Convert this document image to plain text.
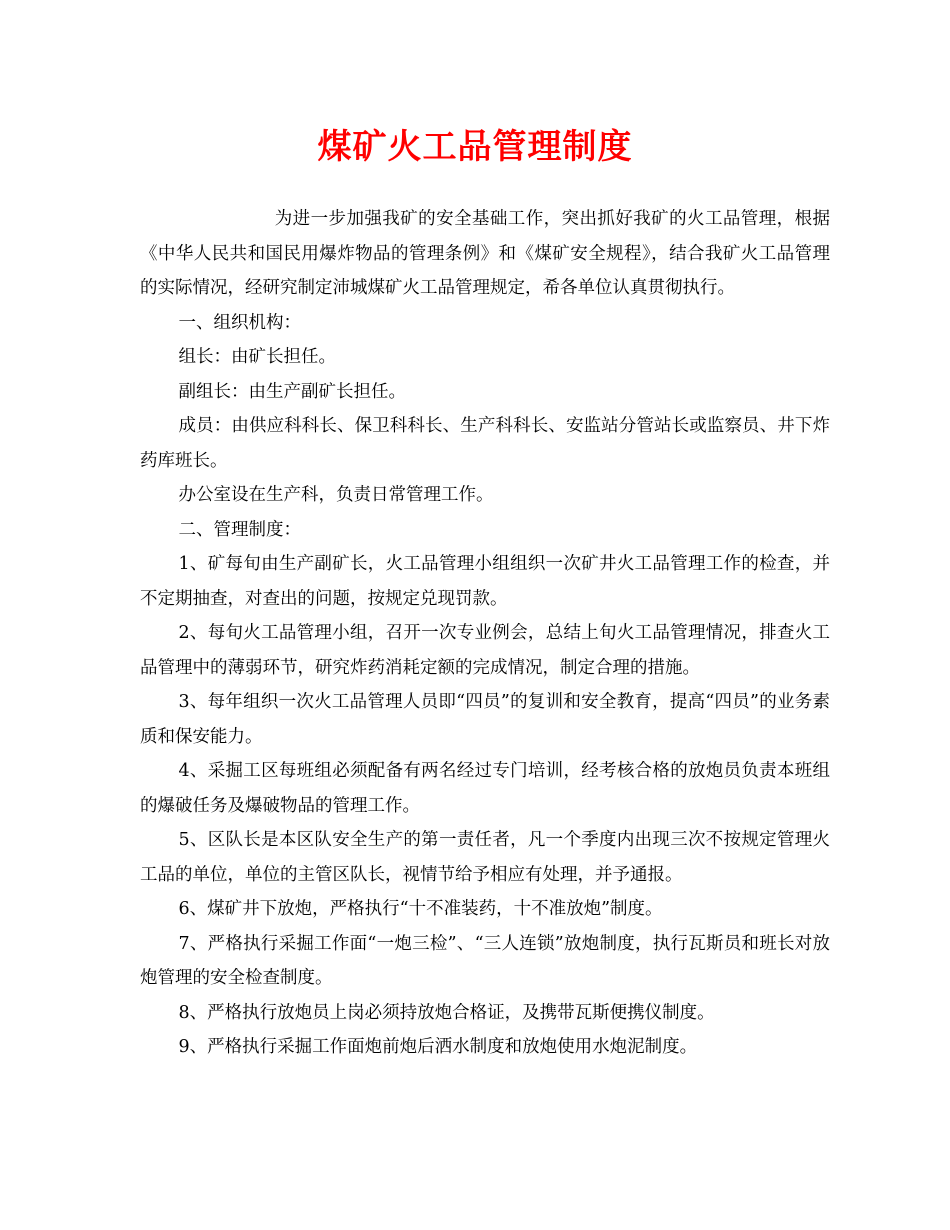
煤矿火工品管理制度

为进一步加强我矿的安全基础工作，突出抓好我矿的火工品管理，根据《中华人民共和国民用爆炸物品的管理条例》和《煤矿安全规程》，结合我矿火工品管理的实际情况，经研究制定沛城煤矿火工品管理规定，希各单位认真贯彻执行。

一、组织机构：

组长：由矿长担任。

副组长：由生产副矿长担任。

成员：由供应科科长、保卫科科长、生产科科长、安监站分管站长或监察员、井下炸药库班长。

办公室设在生产科，负责日常管理工作。

二、管理制度：

1、矿每旬由生产副矿长，火工品管理小组组织一次矿井火工品管理工作的检查，并不定期抽查，对查出的问题，按规定兑现罚款。

2、每旬火工品管理小组，召开一次专业例会，总结上旬火工品管理情况，排查火工品管理中的薄弱环节，研究炸药消耗定额的完成情况，制定合理的措施。

3、每年组织一次火工品管理人员即“四员”的复训和安全教育，提高“四员”的业务素质和保安能力。

4、采掘工区每班组必须配备有两名经过专门培训，经考核合格的放炮员负责本班组的爆破任务及爆破物品的管理工作。

5、区队长是本区队安全生产的第一责任者，凡一个季度内出现三次不按规定管理火工品的单位，单位的主管区队长，视情节给予相应有处理，并予通报。

6、煤矿井下放炮，严格执行“十不准装药，十不准放炮”制度。

7、严格执行采掘工作面“一炮三检”、“三人连锁”放炮制度，执行瓦斯员和班长对放炮管理的安全检查制度。

8、严格执行放炮员上岗必须持放炮合格证，及携带瓦斯便携仪制度。

9、严格执行采掘工作面炮前炮后洒水制度和放炮使用水炮泥制度。
